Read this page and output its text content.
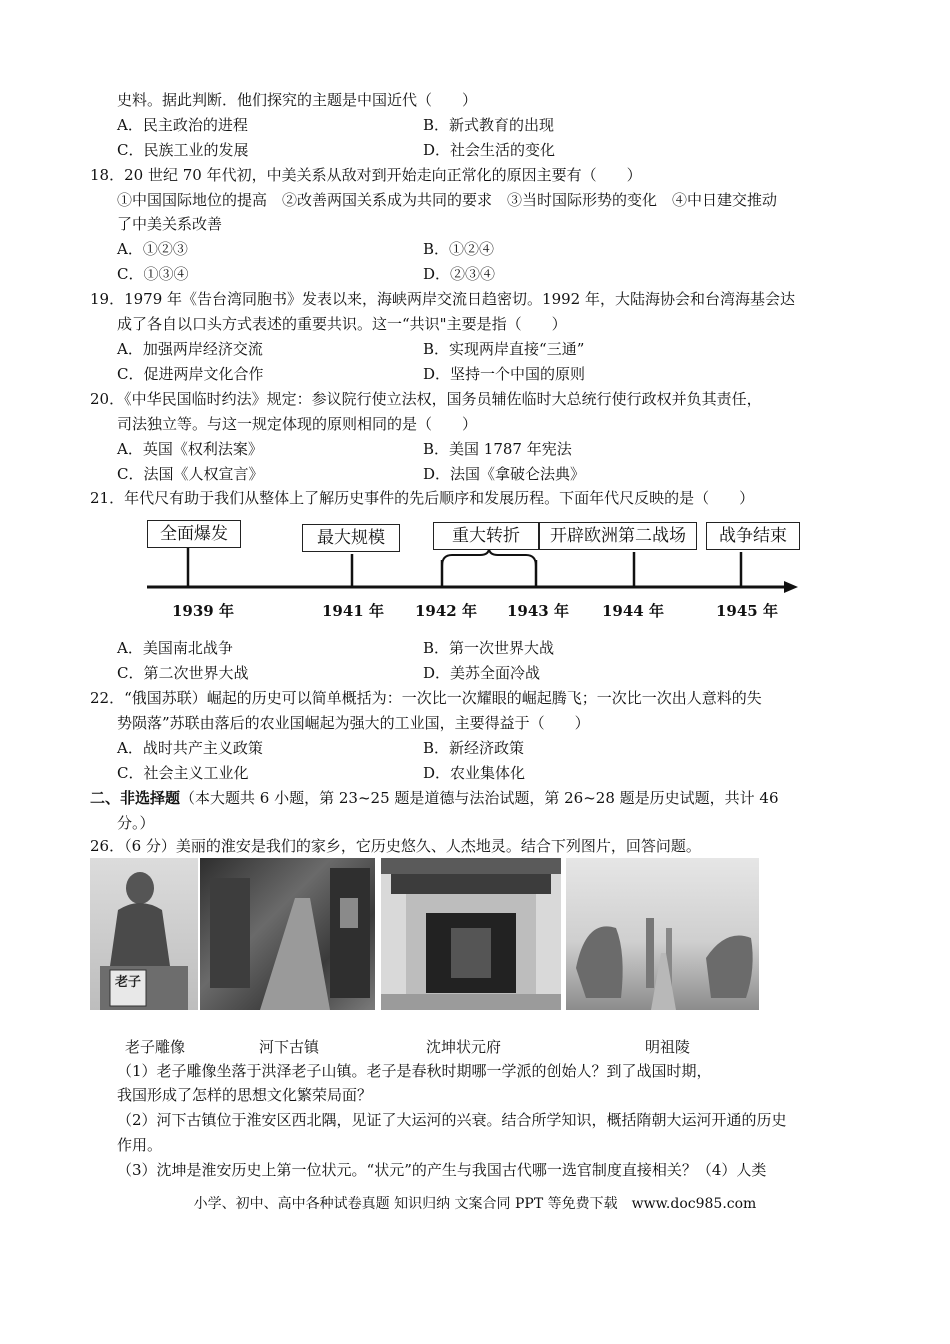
史料。据此判断．他们探究的主题是中国近代（　　）
A．民主政治的进程	B．新式教育的出现
C．民族工业的发展	D．社会生活的变化
18．20 世纪 70 年代初，中美关系从敌对到开始走向正常化的原因主要有（　　）
①中国国际地位的提高　②改善两国关系成为共同的要求　③当时国际形势的变化　④中日建交推动
了中美关系改善
A．①②③	B．①②④
C．①③④	D．②③④
19．1979 年《告台湾同胞书》发表以来，海峡两岸交流日趋密切。1992 年，大陆海协会和台湾海基会达
成了各自以口头方式表述的重要共识。这一“共识"主要是指（　　）
A．加强两岸经济交流	B．实现两岸直接“三通”
C．促进两岸文化合作	D．坚持一个中国的原则
20．《中华民国临时约法》规定：参议院行使立法权，国务员辅佐临时大总统行使行政权并负其责任，
司法独立等。与这一规定体现的原则相同的是（　　）
A．英国《权利法案》	B．美国 1787 年宪法
C．法国《人权宣言》	D．法国《拿破仑法典》
21．年代尺有助于我们从整体上了解历史事件的先后顺序和发展历程。下面年代尺反映的是（　　）
全面爆发	最大规模	重大转折	开辟欧洲第二战场	战争结束
1939 年	1941 年 1942 年 1943 年 1944 年	1945 年
A．美国南北战争	B．第一次世界大战
C．第二次世界大战	D．美苏全面冷战
22．“俄国苏联）崛起的历史可以简单概括为：一次比一次耀眼的崛起腾飞；一次比一次出人意料的失
势陨落”苏联由落后的农业国崛起为强大的工业国，主要得益于（　　）
A．战时共产主义政策	B．新经济政策
C．社会主义工业化	D．农业集体化
二、非选择题（本大题共 6 小题，第 23~25 题是道德与法治试题，第 26~28 题是历史试题，共计 46
分。）
26．（6 分）美丽的淮安是我们的家乡，它历史悠久、人杰地灵。结合下列图片，回答问题。
老子
老子雕像	河下古镇	沈坤状元府	明祖陵
（1）老子雕像坐落于洪泽老子山镇。老子是春秋时期哪一学派的创始人？到了战国时期，
我国形成了怎样的思想文化繁荣局面？
（2）河下古镇位于淮安区西北隅，见证了大运河的兴衰。结合所学知识，概括隋朝大运河开通的历史
作用。
（3）沈坤是淮安历史上第一位状元。“状元”的产生与我国古代哪一选官制度直接相关？（4）人类
小学、初中、高中各种试卷真题 知识归纳 文案合同 PPT 等免费下载　www.doc985.com
